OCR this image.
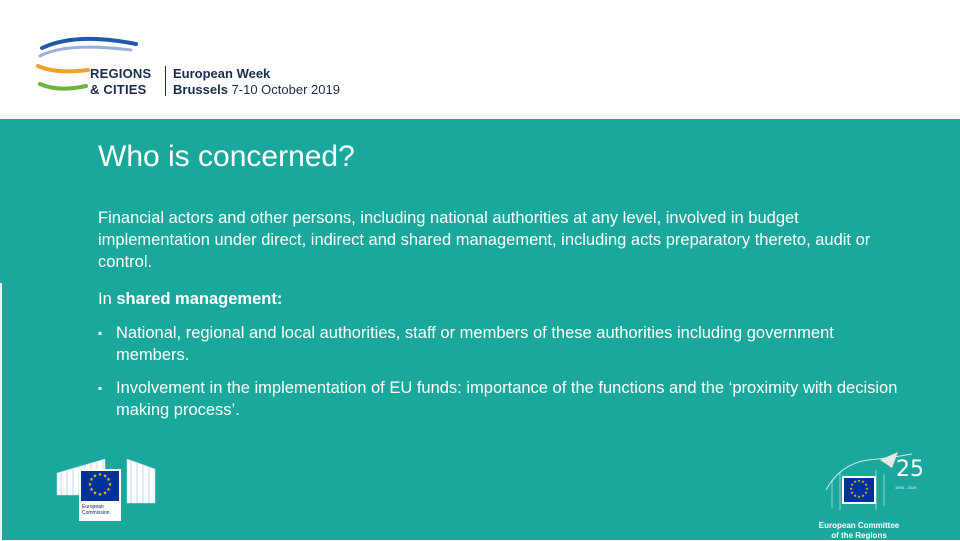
REGIONS
& CITIES
European Week
Brussels 7-10 October 2019
Who is concerned?

Financial actors and other persons, including national authorities at any level, involved in budget implementation under direct, indirect and shared management, including acts preparatory thereto, audit or control.

In shared management:

▪ National, regional and local authorities, staff or members of these authorities including government members.
▪ Involvement in the implementation of EU funds: importance of the functions and the ‘proximity with decision making process’.
★ ★
★
★
★
★
★
★
★
★
★
★
European
Commission
★ ★
★
★
★
★
★
★
★
★
★
★ 25
1994 - 2019
European Committee
of the Regions
